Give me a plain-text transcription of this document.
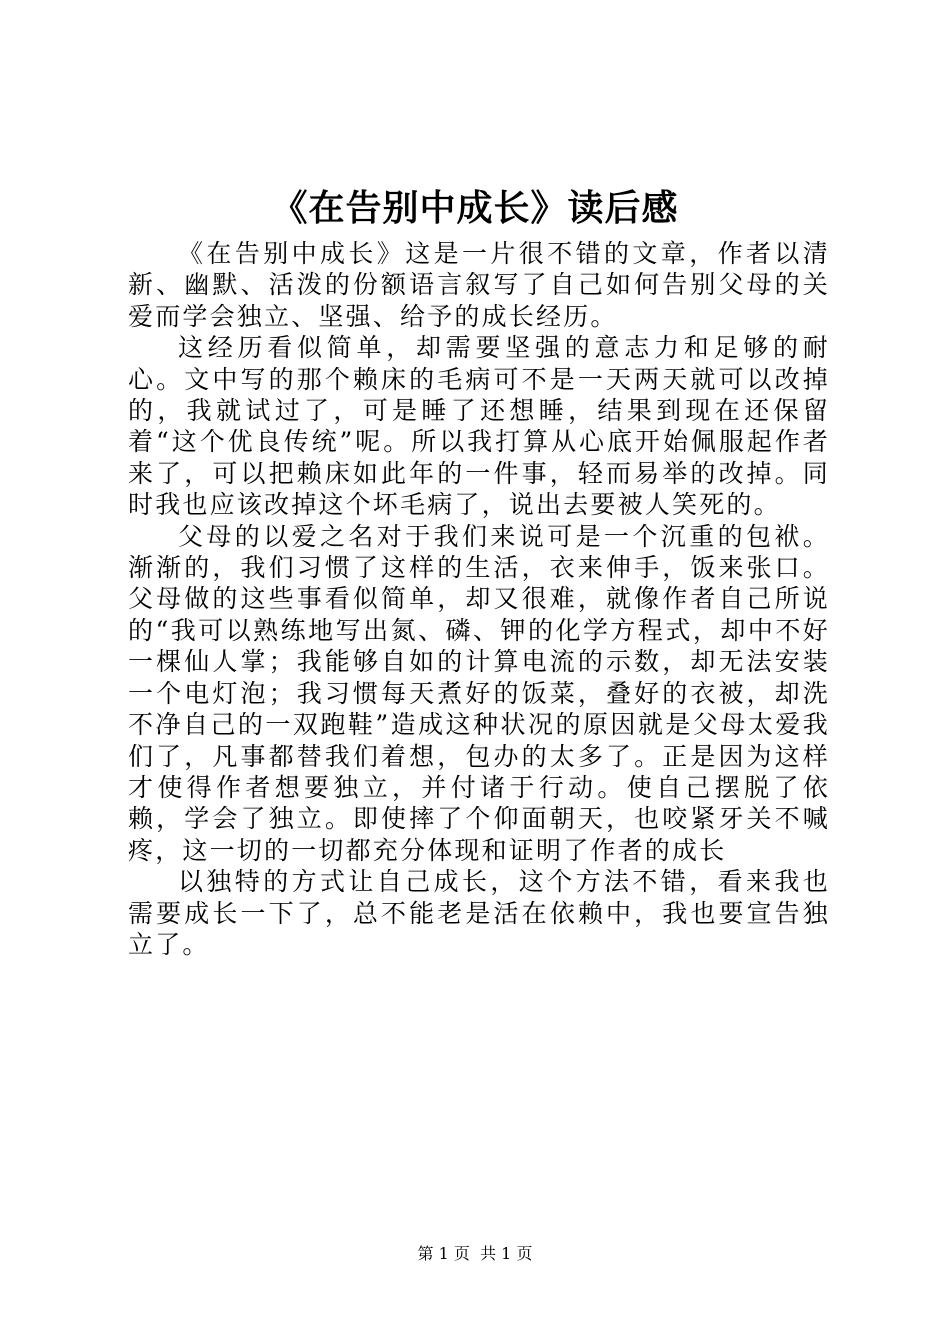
《在告别中成长》读后感

《在告别中成长》这是一片很不错的文章，作者以清新、幽默、活泼的份额语言叙写了自己如何告别父母的关爱而学会独立、坚强、给予的成长经历。

这经历看似简单，却需要坚强的意志力和足够的耐心。文中写的那个赖床的毛病可不是一天两天就可以改掉的，我就试过了，可是睡了还想睡，结果到现在还保留着“这个优良传统”呢。所以我打算从心底开始佩服起作者来了，可以把赖床如此年的一件事，轻而易举的改掉。同时我也应该改掉这个坏毛病了，说出去要被人笑死的。

父母的以爱之名对于我们来说可是一个沉重的包袱。渐渐的，我们习惯了这样的生活，衣来伸手，饭来张口。父母做的这些事看似简单，却又很难，就像作者自己所说的“我可以熟练地写出氮、磷、钾的化学方程式，却中不好一棵仙人掌；我能够自如的计算电流的示数，却无法安装一个电灯泡；我习惯每天煮好的饭菜，叠好的衣被，却洗不净自己的一双跑鞋”造成这种状况的原因就是父母太爱我们了，凡事都替我们着想，包办的太多了。正是因为这样才使得作者想要独立，并付诸于行动。使自己摆脱了依赖，学会了独立。即使摔了个仰面朝天，也咬紧牙关不喊疼，这一切的一切都充分体现和证明了作者的成长

以独特的方式让自己成长，这个方法不错，看来我也需要成长一下了，总不能老是活在依赖中，我也要宣告独立了。

第 1 页  共 1 页
